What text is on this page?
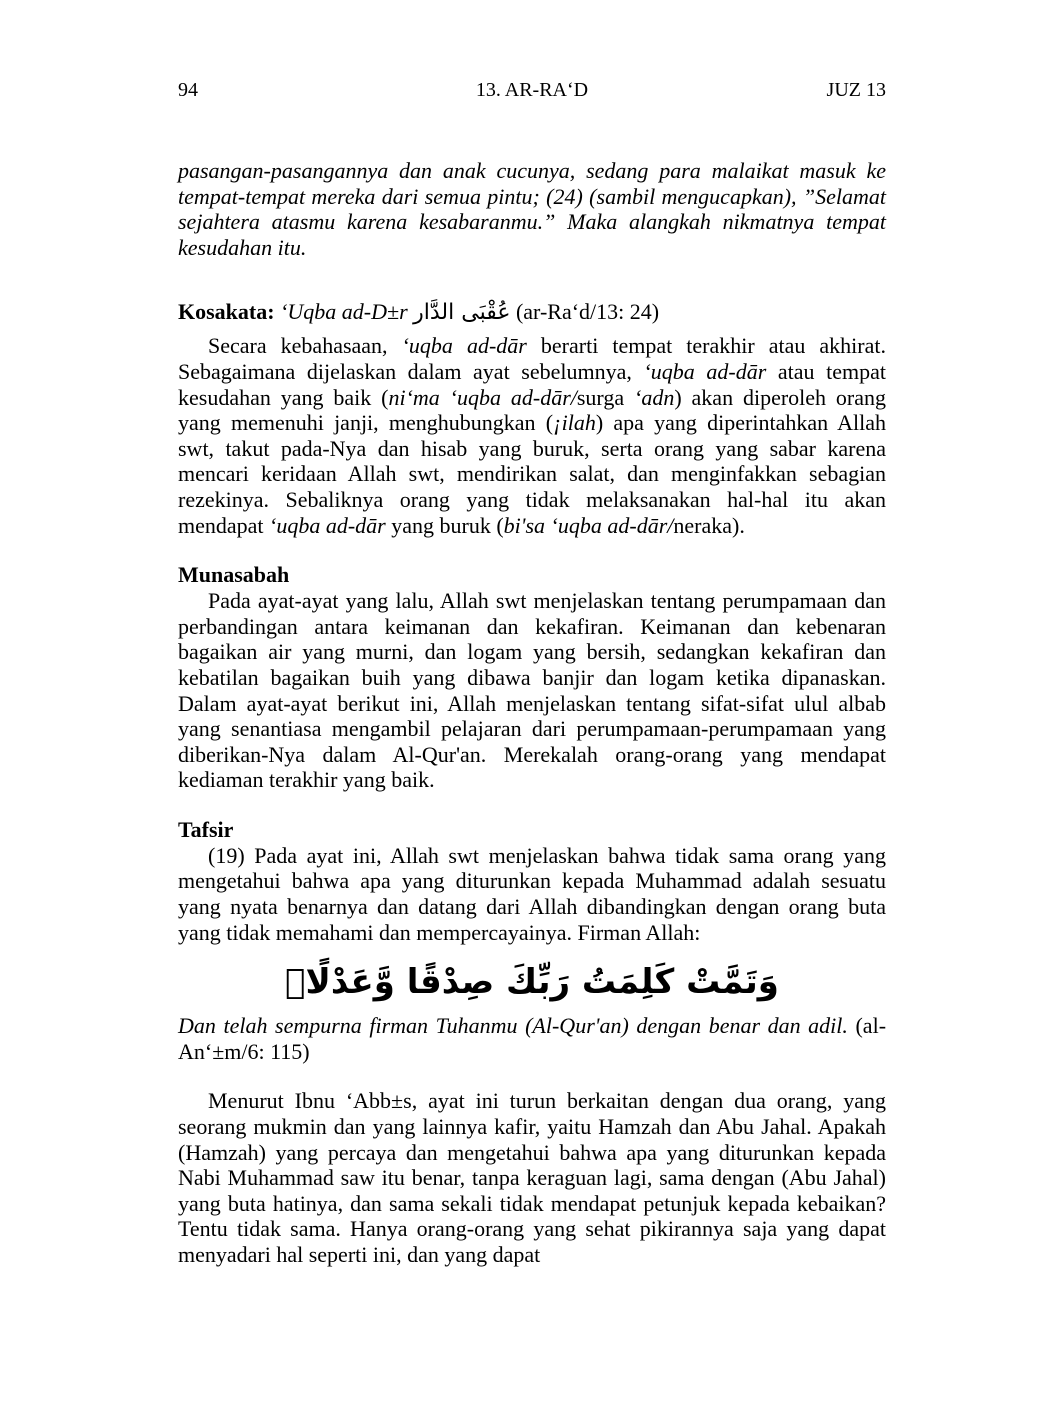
94	13. AR-RA‘D	JUZ 13

pasangan-pasangannya dan anak cucunya, sedang para malaikat masuk ke tempat-tempat mereka dari semua pintu; (24) (sambil mengucapkan), ”Selamat sejahtera atasmu karena kesabaranmu.” Maka alangkah nikmatnya tempat kesudahan itu.

Kosakata: ‘Uqba ad-D±r عُقْبَى الدَّار (ar-Ra‘d/13: 24)

Secara kebahasaan, ‘uqba ad-dār berarti tempat terakhir atau akhirat. Sebagaimana dijelaskan dalam ayat sebelumnya, ‘uqba ad-dār atau tempat kesudahan yang baik (ni‘ma ‘uqba ad-dār/surga ‘adn) akan diperoleh orang yang memenuhi janji, menghubungkan (¡ilah) apa yang diperintahkan Allah swt, takut pada-Nya dan hisab yang buruk, serta orang yang sabar karena mencari keridaan Allah swt, mendirikan salat, dan menginfakkan sebagian rezekinya. Sebaliknya orang yang tidak melaksanakan hal-hal itu akan mendapat ‘uqba ad-dār yang buruk (bi'sa ‘uqba ad-dār/neraka).

Munasabah

Pada ayat-ayat yang lalu, Allah swt menjelaskan tentang perumpamaan dan perbandingan antara keimanan dan kekafiran. Keimanan dan kebenaran bagaikan air yang murni, dan logam yang bersih, sedangkan kekafiran dan kebatilan bagaikan buih yang dibawa banjir dan logam ketika dipanaskan. Dalam ayat-ayat berikut ini, Allah menjelaskan tentang sifat-sifat ulul albab yang senantiasa mengambil pelajaran dari perumpamaan-perumpamaan yang diberikan-Nya dalam Al-Qur'an. Merekalah orang-orang yang mendapat kediaman terakhir yang baik.

Tafsir

(19) Pada ayat ini, Allah swt menjelaskan bahwa tidak sama orang yang mengetahui bahwa apa yang diturunkan kepada Muhammad adalah sesuatu yang nyata benarnya dan datang dari Allah dibandingkan dengan orang buta yang tidak memahami dan mempercayainya. Firman Allah:

وَتَمَّتْ كَلِمَتُ رَبِّكَ صِدْقًا وَّعَدْلًاۗ

Dan telah sempurna firman Tuhanmu (Al-Qur'an) dengan benar dan adil. (al-An‘±m/6: 115)

Menurut Ibnu ‘Abb±s, ayat ini turun berkaitan dengan dua orang, yang seorang mukmin dan yang lainnya kafir, yaitu Hamzah dan Abu Jahal. Apakah (Hamzah) yang percaya dan mengetahui bahwa apa yang diturunkan kepada Nabi Muhammad saw itu benar, tanpa keraguan lagi, sama dengan (Abu Jahal) yang buta hatinya, dan sama sekali tidak mendapat petunjuk kepada kebaikan? Tentu tidak sama. Hanya orang-orang yang sehat pikirannya saja yang dapat menyadari hal seperti ini, dan yang dapat
